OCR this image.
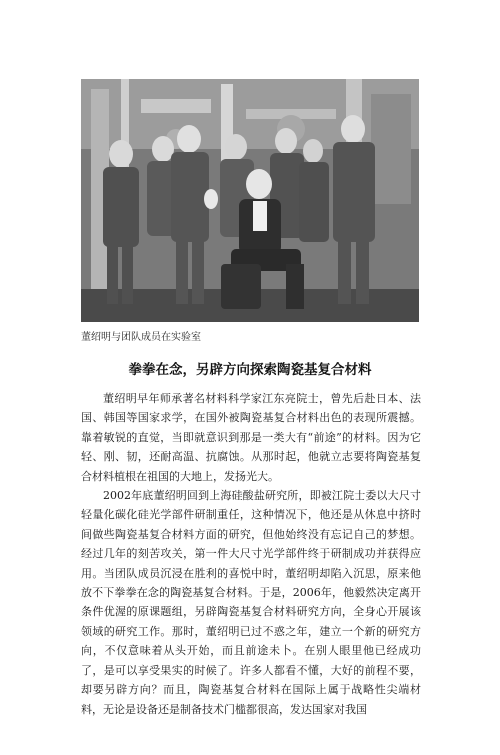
董绍明与团队成员在实验室
拳拳在念，另辟方向探索陶瓷基复合材料

董绍明早年师承著名材料科学家江东亮院士，曾先后赴日本、法国、韩国等国家求学，在国外被陶瓷基复合材料出色的表现所震撼。靠着敏锐的直觉，当即就意识到那是一类大有“前途”的材料。因为它轻、刚、韧，还耐高温、抗腐蚀。从那时起，他就立志要将陶瓷基复合材料植根在祖国的大地上，发扬光大。

2002年底董绍明回到上海硅酸盐研究所，即被江院士委以大尺寸轻量化碳化硅光学部件研制重任，这种情况下，他还是从休息中挤时间做些陶瓷基复合材料方面的研究，但他始终没有忘记自己的梦想。经过几年的刻苦攻关，第一件大尺寸光学部件终于研制成功并获得应用。当团队成员沉浸在胜利的喜悦中时，董绍明却陷入沉思，原来他放不下拳拳在念的陶瓷基复合材料。于是，2006年，他毅然决定离开条件优渥的原课题组，另辟陶瓷基复合材料研究方向，全身心开展该领域的研究工作。那时，董绍明已过不惑之年，建立一个新的研究方向，不仅意味着从头开始，而且前途未卜。在别人眼里他已经成功了，是可以享受果实的时候了。许多人都看不懂，大好的前程不要，却要另辟方向？而且，陶瓷基复合材料在国际上属于战略性尖端材料，无论是设备还是制备技术门槛都很高，发达国家对我国
